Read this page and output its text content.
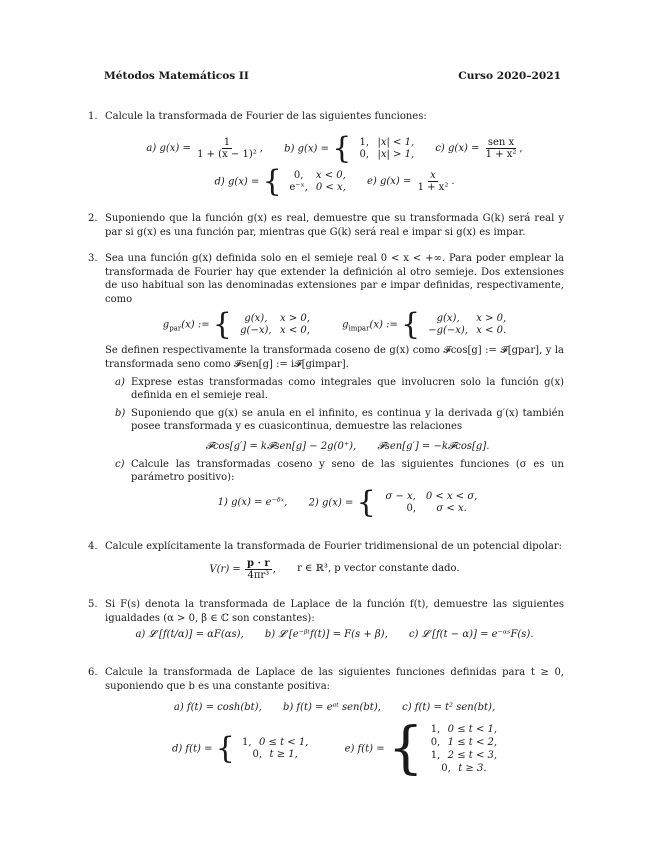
Métodos Matemáticos II	Curso 2020–2021
1. Calcule la transformada de Fourier de las siguientes funciones:

a) $g(x) = \frac{1}{\text{1 + (x − 1)²}}$ , b) g(x) = { 1, |x| < 1,
0, |x| > 1, c) $g(x) = \frac{\text{sen x}}{\text{1 + x²}}$ ,
d) g(x) = {	0, x < 0,
e⁻ˣ, 0 < x, e) $g(x) = \frac{x}{\text{1 + x²}}$ .
2. Suponiendo que la función g(x) es real, demuestre que su transformada G(k) será real y par si g(x) es una función par, mientras que G(k) será real e impar si g(x) es impar.

3. Sea una función g(x) definida solo en el semieje real 0 < x < +∞. Para poder emplear la transformada de Fourier hay que extender la definición al otro semieje. Dos extensiones de uso habitual son las denominadas extensiones par e impar definidas, respectivamente, como

$g_{par}(x)$ := {	g(x), x > 0,
g(−x), x < 0,	$g_{impar}(x)$ := {	g(x), x > 0,
−g(−x), x < 0.

Se definen respectivamente la transformada coseno de g(x) como 𝓕cos[g] := 𝓕[gpar], y la transformada seno como 𝓕sen[g] := i𝓕[gimpar].

a) Exprese estas transformadas como integrales que involucren solo la función g(x) definida en el semieje real.
b) Suponiendo que g(x) se anula en el infinito, es continua y la derivada g′(x) también posee transformada y es cuasicontinua, demuestre las relaciones
𝓕cos[g′] = k𝓕sen[g] − 2g(0⁺), 𝓕sen[g′] = −k𝓕cos[g].
c) Calcule las transformadas coseno y seno de las siguientes funciones (σ es un parámetro positivo):
1) g(x) = e⁻ᵟˣ, 2) g(x) = { σ − x, 0 < x < σ,
0, σ < x.
4. Calcule explícitamente la transformada de Fourier tridimensional de un potencial dipolar:

$V(r) = \frac{p \cdot r}{\text{4πr³}}$ , r ∈ ℝ³, p vector constante dado.
5. Si F(s) denota la transformada de Laplace de la función f(t), demuestre las siguientes igualdades (α > 0, β ∈ ℂ son constantes):

a) 𝓛 [f(t/α)] = αF(αs), b) 𝓛 [e⁻ᵝᵗf(t)] = F(s + β), c) 𝓛 [f(t − α)] = e⁻ᵅˢF(s).
6. Calcule la transformada de Laplace de las siguientes funciones definidas para t ≥ 0, suponiendo que b es una constante positiva:

a) f(t) = cosh(bt), b) f(t) = eᵃᵗ sen(bt), c) f(t) = t² sen(bt),
d) f(t) = { 1, 0 ≤ t < 1,
0, t ≥ 1,	e) f(t) = { 1, 0 ≤ t < 1,
0, 1 ≤ t < 2,
1, 2 ≤ t < 3,
0, t ≥ 3.
